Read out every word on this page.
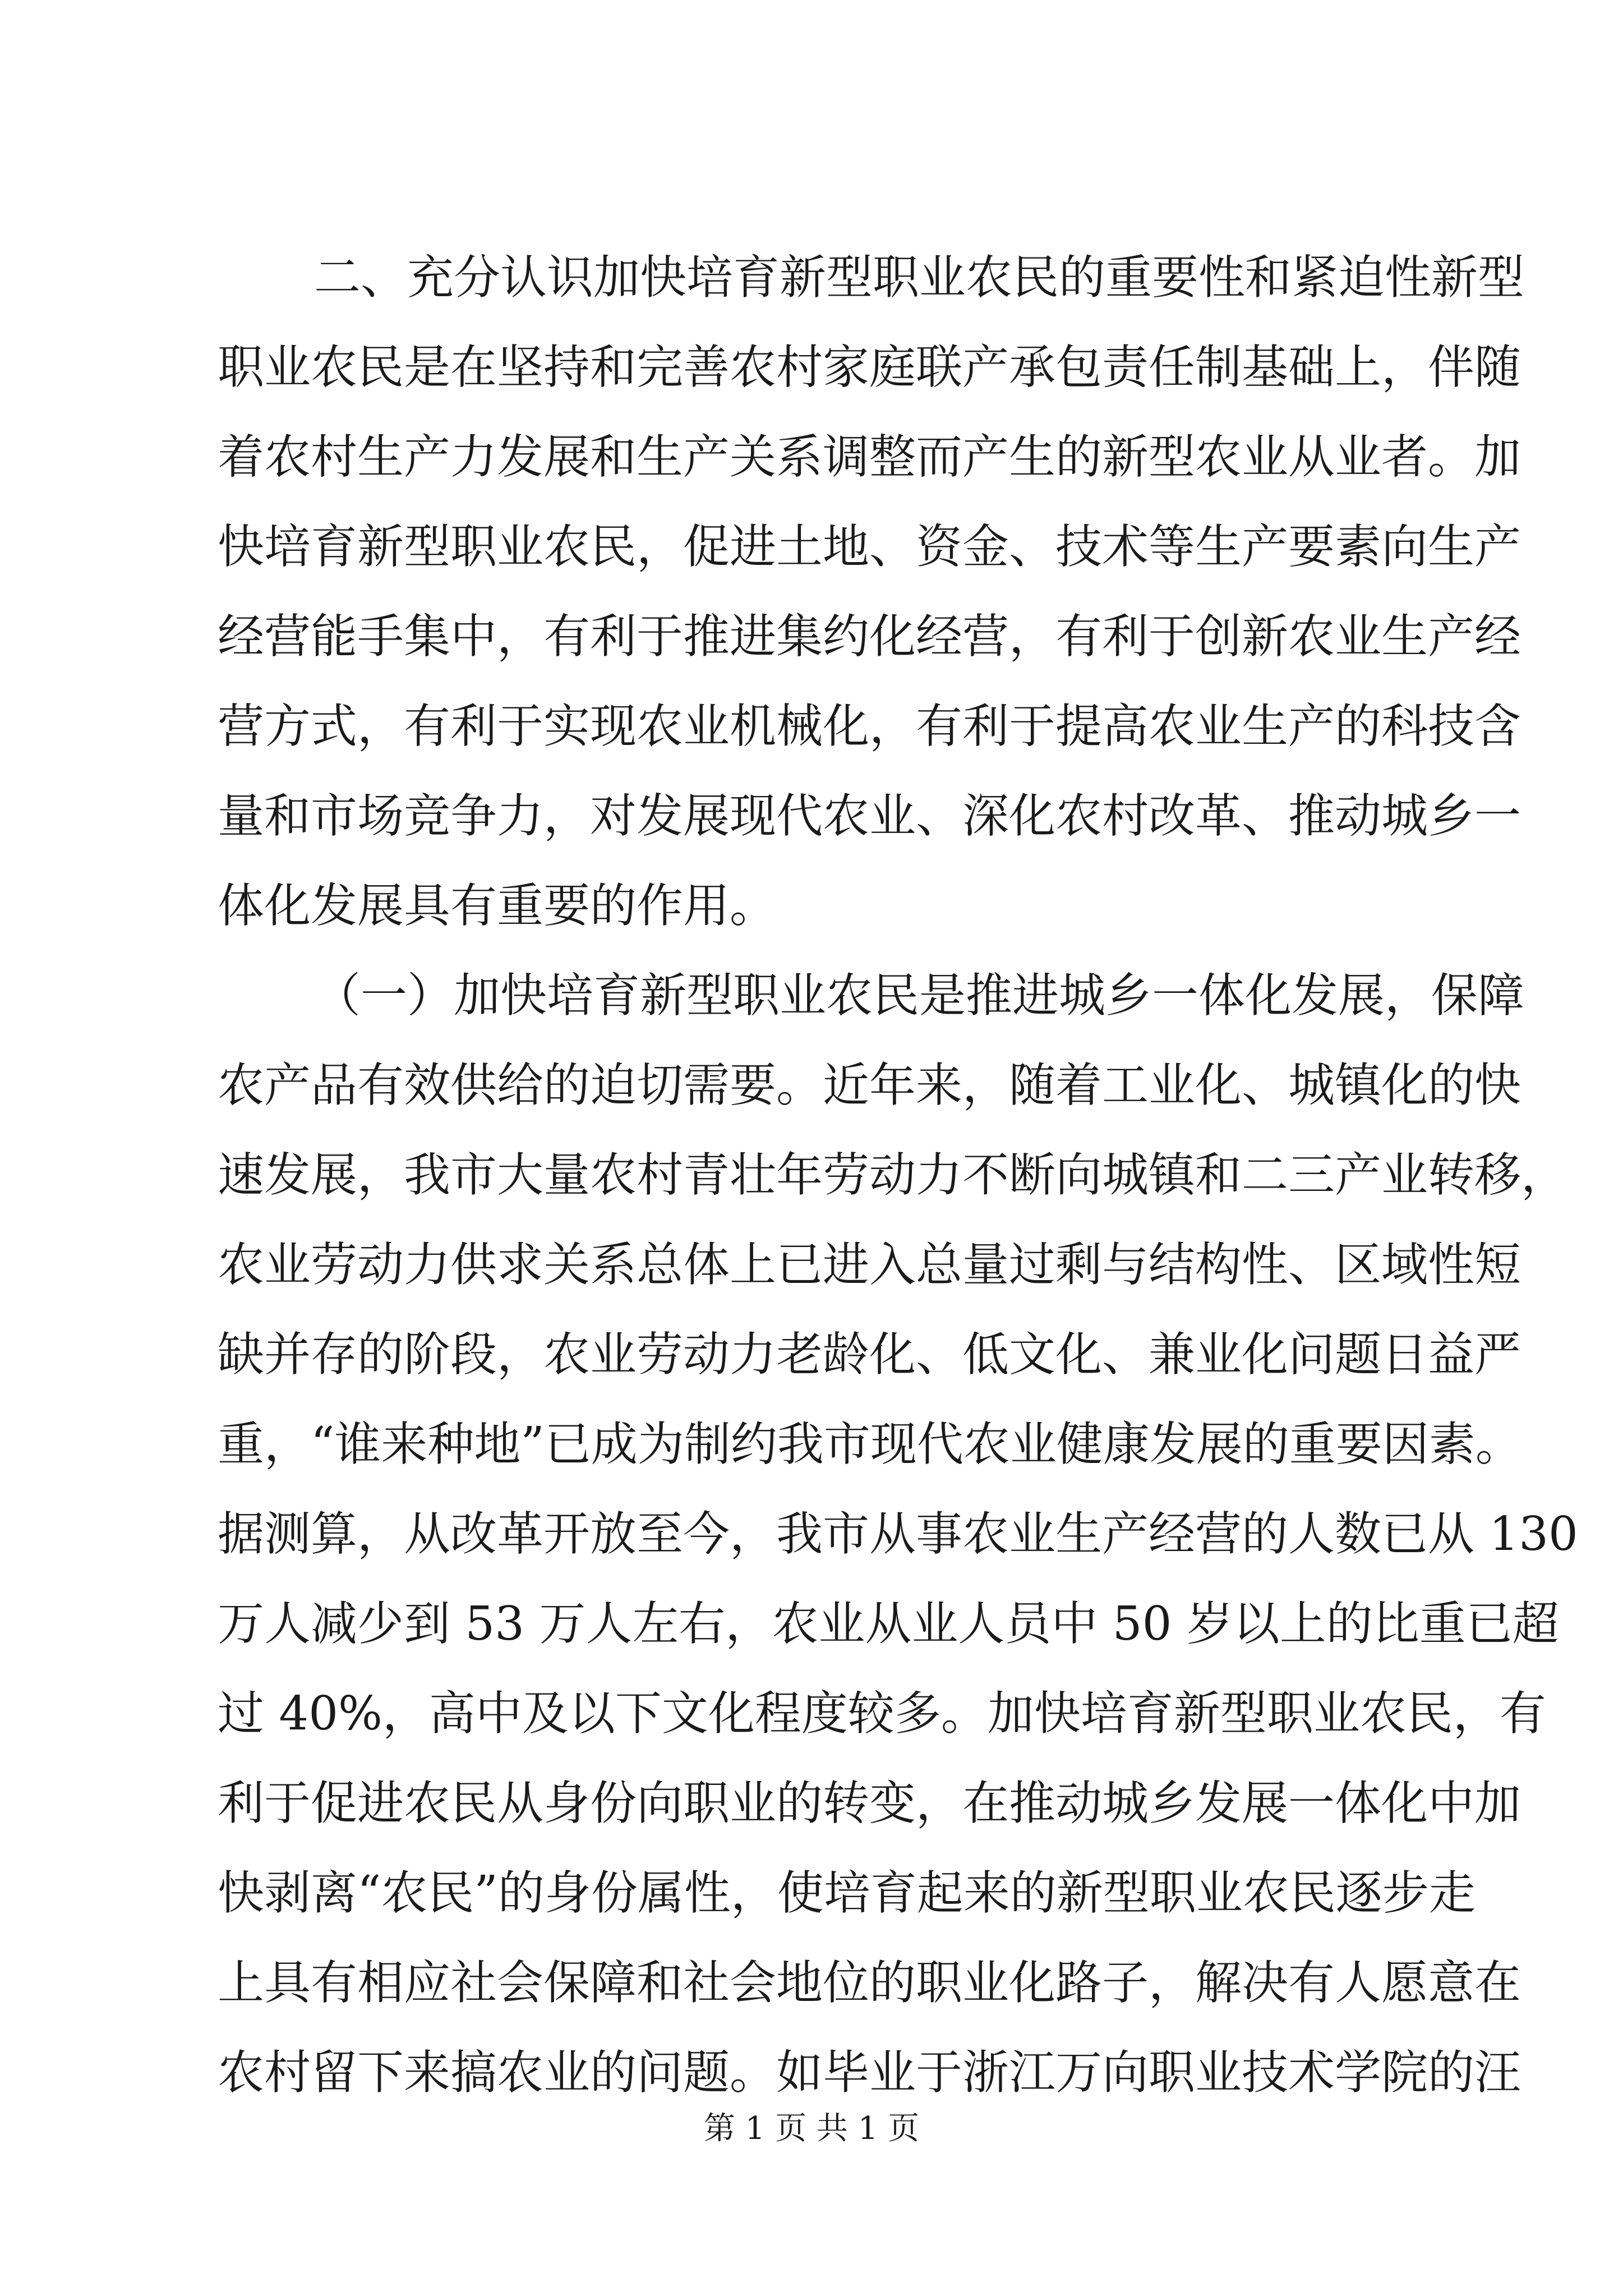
二、充分认识加快培育新型职业农民的重要性和紧迫性新型
职业农民是在坚持和完善农村家庭联产承包责任制基础上，伴随
着农村生产力发展和生产关系调整而产生的新型农业从业者。加
快培育新型职业农民，促进土地、资金、技术等生产要素向生产
经营能手集中，有利于推进集约化经营，有利于创新农业生产经
营方式，有利于实现农业机械化，有利于提高农业生产的科技含
量和市场竞争力，对发展现代农业、深化农村改革、推动城乡一
体化发展具有重要的作用。
（一）加快培育新型职业农民是推进城乡一体化发展，保障
农产品有效供给的迫切需要。近年来，随着工业化、城镇化的快
速发展，我市大量农村青壮年劳动力不断向城镇和二三产业转移，
农业劳动力供求关系总体上已进入总量过剩与结构性、区域性短
缺并存的阶段，农业劳动力老龄化、低文化、兼业化问题日益严
重，“谁来种地”已成为制约我市现代农业健康发展的重要因素。
据测算，从改革开放至今，我市从事农业生产经营的人数已从 130
万人减少到 53 万人左右，农业从业人员中 50 岁以上的比重已超
过 40%，高中及以下文化程度较多。加快培育新型职业农民，有
利于促进农民从身份向职业的转变，在推动城乡发展一体化中加
快剥离“农民”的身份属性，使培育起来的新型职业农民逐步走
上具有相应社会保障和社会地位的职业化路子，解决有人愿意在
农村留下来搞农业的问题。如毕业于浙江万向职业技术学院的汪
第 1 页 共 1 页
